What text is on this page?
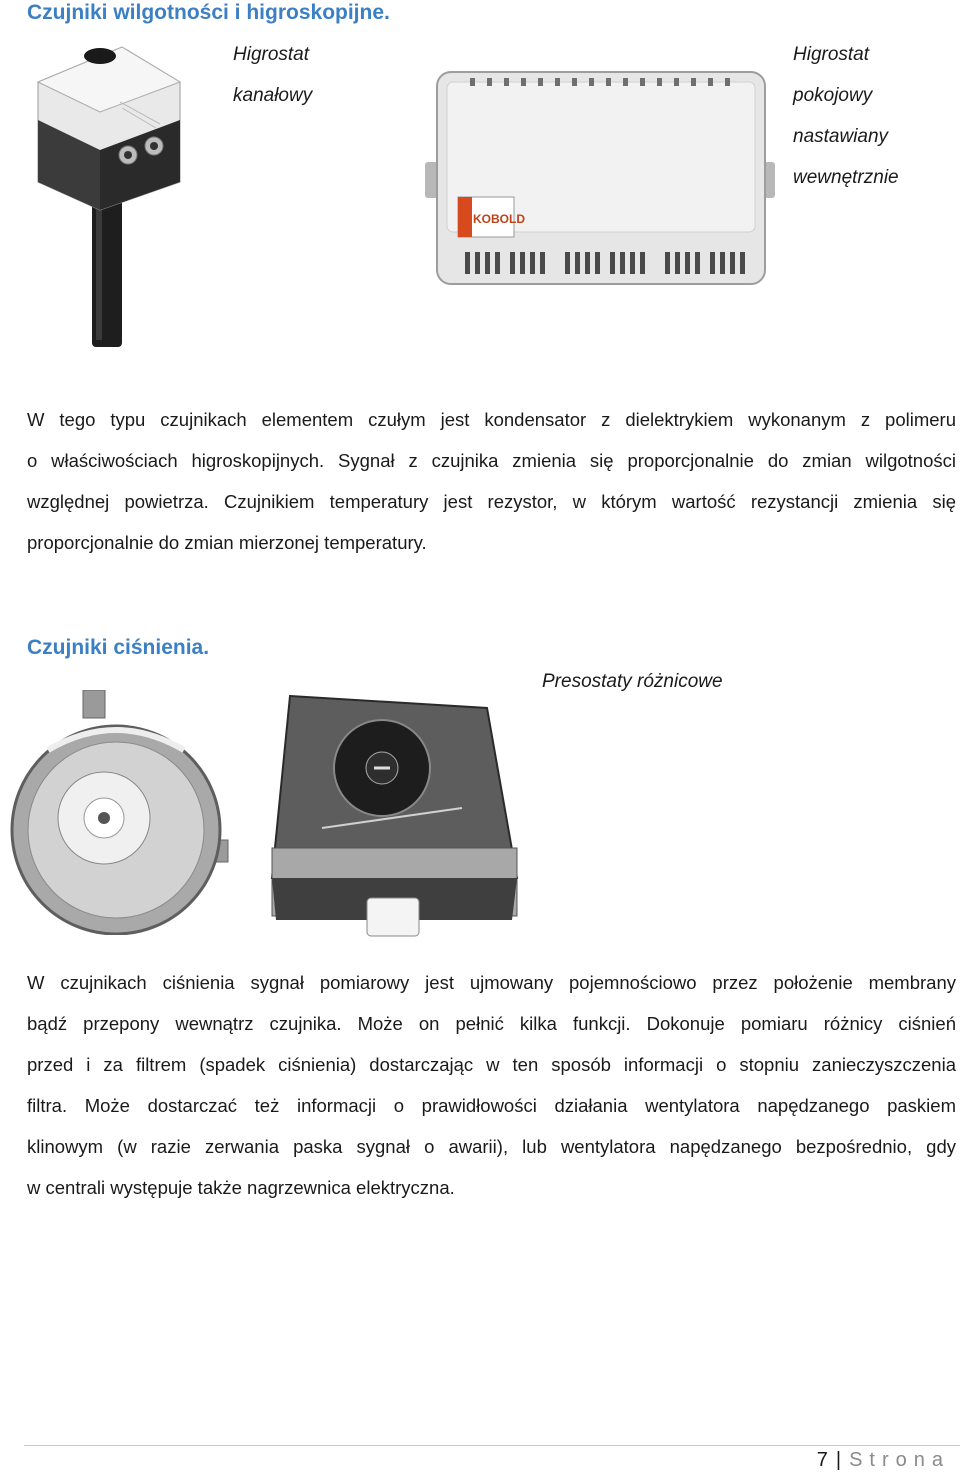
Czujniki wilgotności i higroskopijne.
Higrostat
kanałowy
KOBOLD
Higrostat
pokojowy
nastawiany
wewnętrznie
W tego typu czujnikach elementem czułym jest kondensator z dielektrykiem wykonanym z polimeru
o właściwościach higroskopijnych. Sygnał z czujnika zmienia się proporcjonalnie do zmian wilgotności
względnej powietrza. Czujnikiem temperatury jest rezystor, w którym wartość rezystancji zmienia się
proporcjonalnie do zmian mierzonej temperatury.
Czujniki ciśnienia.
Presostaty różnicowe
W czujnikach ciśnienia sygnał pomiarowy jest ujmowany pojemnościowo przez położenie membrany
bądź przepony wewnątrz czujnika. Może on pełnić kilka funkcji. Dokonuje pomiaru różnicy ciśnień
przed i za filtrem (spadek ciśnienia) dostarczając w ten sposób informacji o stopniu zanieczyszczenia
filtra. Może dostarczać też informacji o prawidłowości działania wentylatora napędzanego paskiem
klinowym (w razie zerwania paska sygnał o awarii), lub wentylatora napędzanego bezpośrednio, gdy
w centrali występuje także nagrzewnica elektryczna.
7 | Strona
